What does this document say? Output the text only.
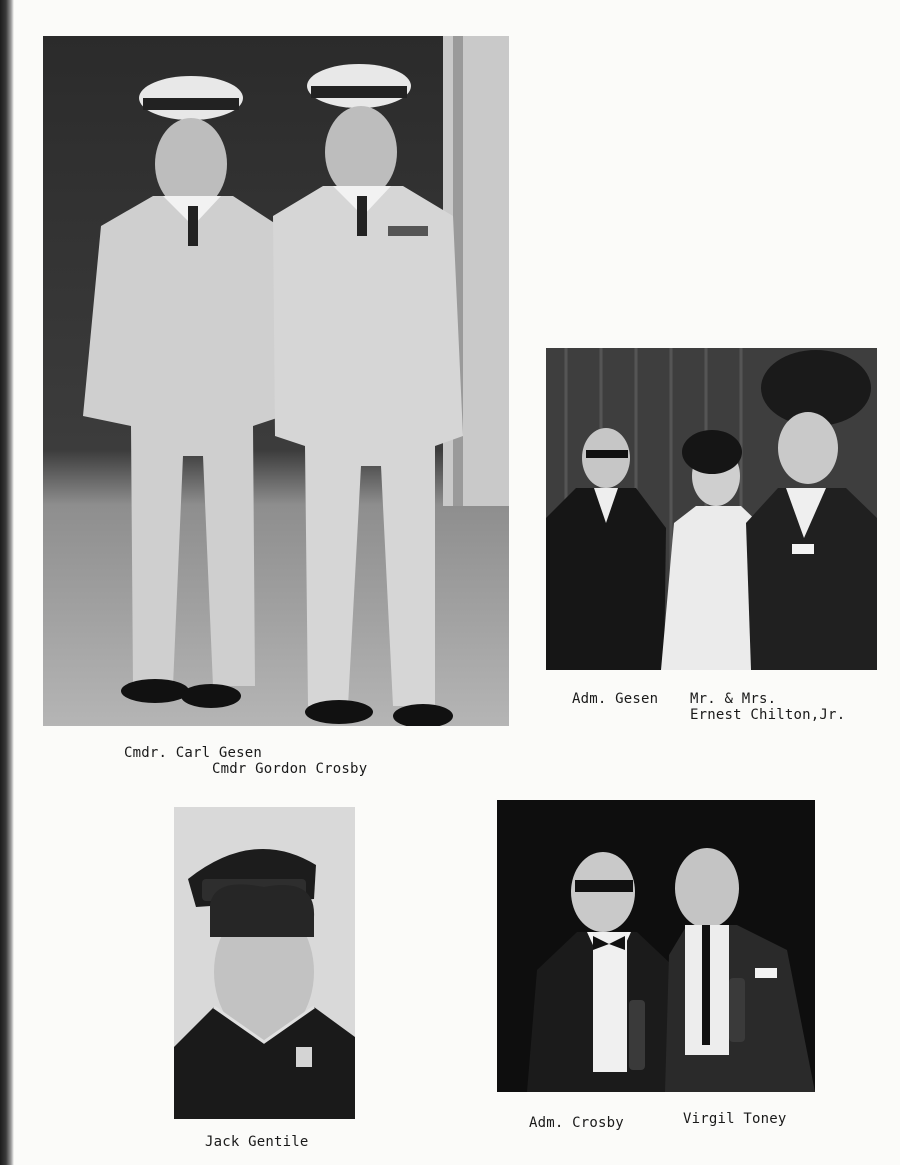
Cmdr. Carl Gesen
Cmdr Gordon Crosby
Adm. Gesen Mr. & Mrs.
Ernest Chilton,Jr.
Jack Gentile
Adm. Crosby	Virgil Toney
